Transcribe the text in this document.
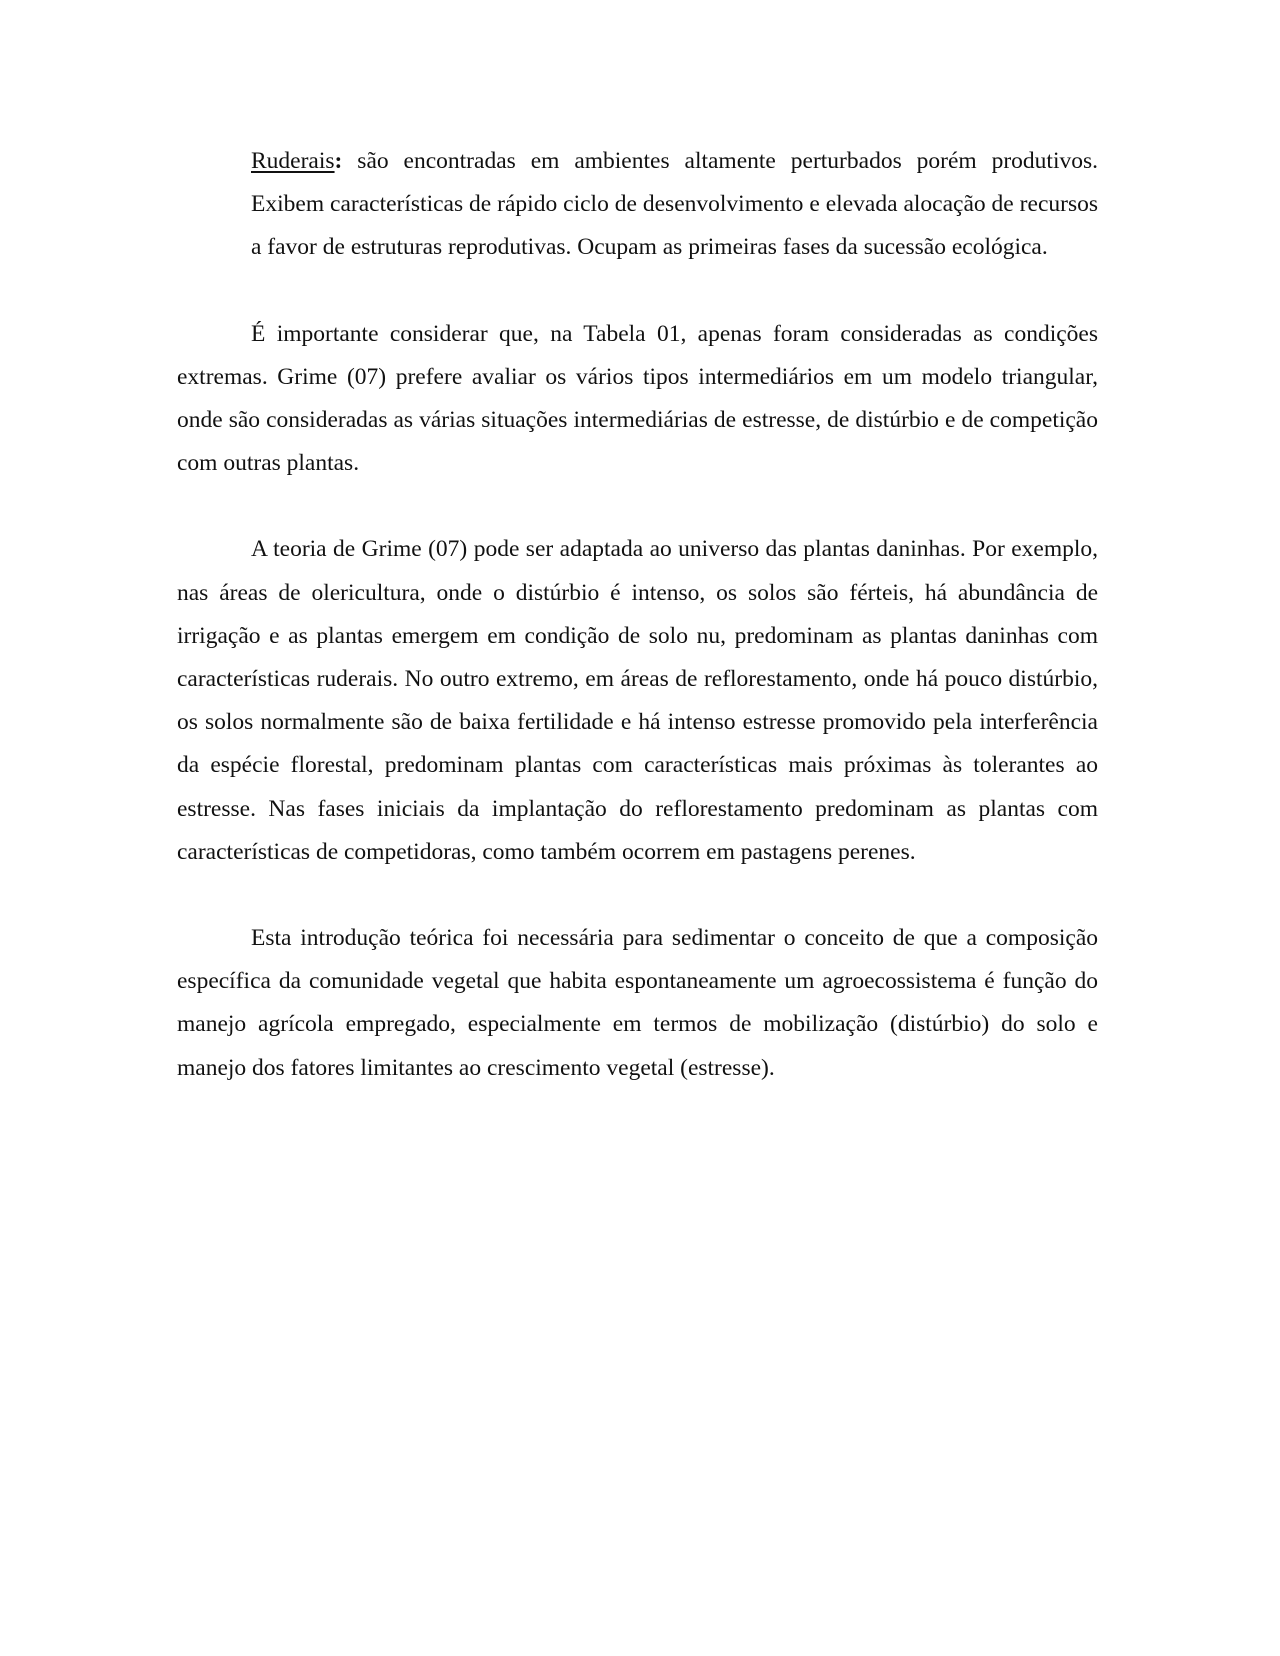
Ruderais: são encontradas em ambientes altamente perturbados porém produtivos. Exibem características de rápido ciclo de desenvolvimento e elevada alocação de recursos a favor de estruturas reprodutivas. Ocupam as primeiras fases da sucessão ecológica.

É importante considerar que, na Tabela 01, apenas foram consideradas as condições extremas. Grime (07) prefere avaliar os vários tipos intermediários em um modelo triangular, onde são consideradas as várias situações intermediárias de estresse, de distúrbio e de competição com outras plantas.

A teoria de Grime (07) pode ser adaptada ao universo das plantas daninhas. Por exemplo, nas áreas de olericultura, onde o distúrbio é intenso, os solos são férteis, há abundância de irrigação e as plantas emergem em condição de solo nu, predominam as plantas daninhas com características ruderais. No outro extremo, em áreas de reflorestamento, onde há pouco distúrbio, os solos normalmente são de baixa fertilidade e há intenso estresse promovido pela interferência da espécie florestal, predominam plantas com características mais próximas às tolerantes ao estresse. Nas fases iniciais da implantação do reflorestamento predominam as plantas com características de competidoras, como também ocorrem em pastagens perenes.

Esta introdução teórica foi necessária para sedimentar o conceito de que a composição específica da comunidade vegetal que habita espontaneamente um agroecossistema é função do manejo agrícola empregado, especialmente em termos de mobilização (distúrbio) do solo e manejo dos fatores limitantes ao crescimento vegetal (estresse).
